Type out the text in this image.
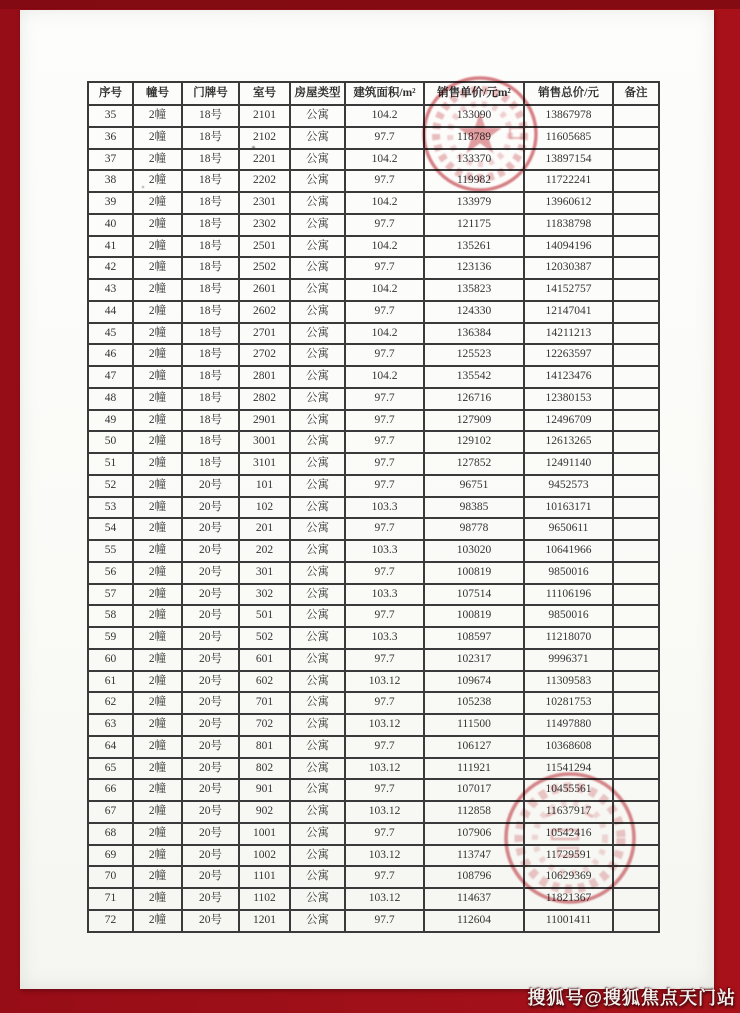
序号	幢号	门牌号	室号	房屋类型	建筑面积/m²	销售单价/元m²	销售总价/元	备注
35	2幢	18号	2101	公寓	104.2	133090	13867978	
36	2幢	18号	2102	公寓	97.7	118789	11605685	
37	2幢	18号	2201	公寓	104.2	133370	13897154	
38	2幢	18号	2202	公寓	97.7	119982	11722241	
39	2幢	18号	2301	公寓	104.2	133979	13960612	
40	2幢	18号	2302	公寓	97.7	121175	11838798	
41	2幢	18号	2501	公寓	104.2	135261	14094196	
42	2幢	18号	2502	公寓	97.7	123136	12030387	
43	2幢	18号	2601	公寓	104.2	135823	14152757	
44	2幢	18号	2602	公寓	97.7	124330	12147041	
45	2幢	18号	2701	公寓	104.2	136384	14211213	
46	2幢	18号	2702	公寓	97.7	125523	12263597	
47	2幢	18号	2801	公寓	104.2	135542	14123476	
48	2幢	18号	2802	公寓	97.7	126716	12380153	
49	2幢	18号	2901	公寓	97.7	127909	12496709	
50	2幢	18号	3001	公寓	97.7	129102	12613265	
51	2幢	18号	3101	公寓	97.7	127852	12491140	
52	2幢	20号	101	公寓	97.7	96751	9452573	
53	2幢	20号	102	公寓	103.3	98385	10163171	
54	2幢	20号	201	公寓	97.7	98778	9650611	
55	2幢	20号	202	公寓	103.3	103020	10641966	
56	2幢	20号	301	公寓	97.7	100819	9850016	
57	2幢	20号	302	公寓	103.3	107514	11106196	
58	2幢	20号	501	公寓	97.7	100819	9850016	
59	2幢	20号	502	公寓	103.3	108597	11218070	
60	2幢	20号	601	公寓	97.7	102317	9996371	
61	2幢	20号	602	公寓	103.12	109674	11309583	
62	2幢	20号	701	公寓	97.7	105238	10281753	
63	2幢	20号	702	公寓	103.12	111500	11497880	
64	2幢	20号	801	公寓	97.7	106127	10368608	
65	2幢	20号	802	公寓	103.12	111921	11541294	
66	2幢	20号	901	公寓	97.7	107017	10455561	
67	2幢	20号	902	公寓	103.12	112858	11637917	
68	2幢	20号	1001	公寓	97.7	107906	10542416	
69	2幢	20号	1002	公寓	103.12	113747	11729591	
70	2幢	20号	1101	公寓	97.7	108796	10629369	
71	2幢	20号	1102	公寓	103.12	114637	11821367	
72	2幢	20号	1201	公寓	97.7	112604	11001411	
搜狐号@搜狐焦点天门站
